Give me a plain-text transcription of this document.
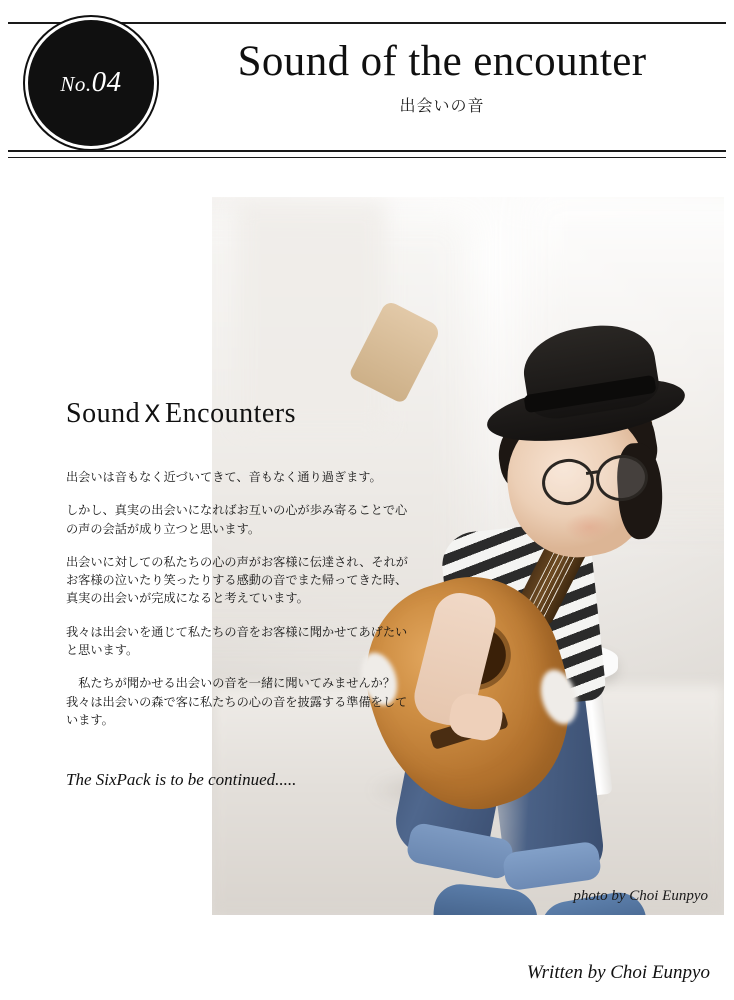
No.04	Sound of the encounter
出会いの音
photo by Choi Eunpyo
Sound X Encounters

出会いは音もなく近づいてきて、音もなく通り過ぎます。

しかし、真実の出会いになればお互いの心が歩み寄ることで心の声の会話が成り立つと思います。

出会いに対しての私たちの心の声がお客様に伝達され、それがお客様の泣いたり笑ったりする感動の音でまた帰ってきた時、真実の出会いが完成になると考えています。

我々は出会いを通じて私たちの音をお客様に聞かせてあげたいと思います。

私たちが聞かせる出会いの音を一緒に聞いてみませんか？我々は出会いの森で客に私たちの心の音を披露する準備をしています。

The SixPack is to be continued.....
Written by Choi Eunpyo
